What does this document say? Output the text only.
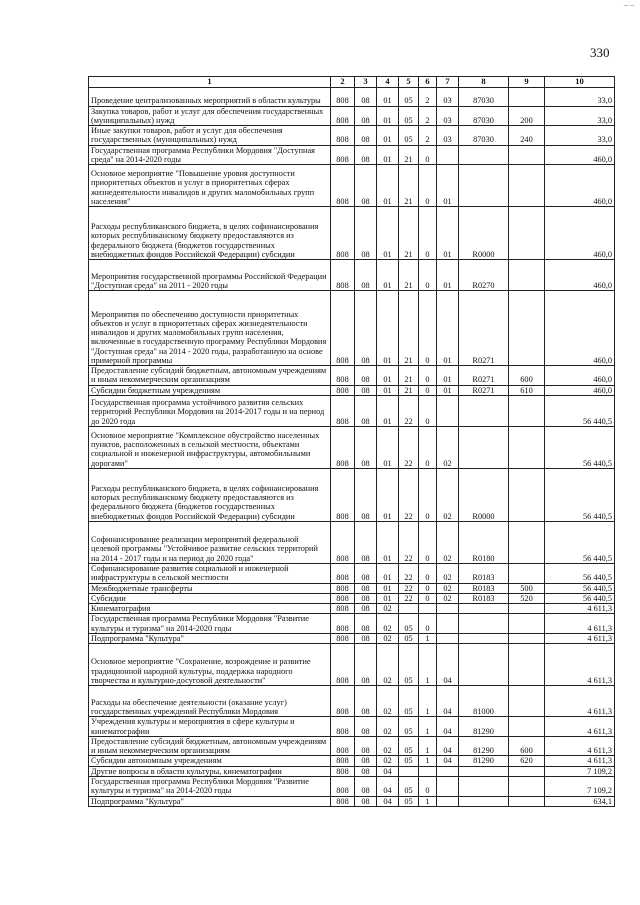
330
– –
1	2	3	4	5	6	7	8	9	10
Проведение централизованных мероприятий в области культуры	808	08	01	05	2	03	87030		33,0
Закупка товаров, работ и услуг для обеспечения государственных (муниципальных) нужд	808	08	01	05	2	03	87030	200	33,0
Иные закупки товаров, работ и услуг для обеспечения государственных (муниципальных) нужд	808	08	01	05	2	03	87030	240	33,0
Государственная программа Республики Мордовия "Доступная среда" на 2014-2020 годы	808	08	01	21	0				460,0
Основное мероприятие "Повышение уровня доступности приоритетных объектов и услуг в приоритетных сферах жизнедеятельности инвалидов и других маломобильных групп населения"	808	08	01	21	0	01			460,0
Расходы республиканского бюджета, в целях софинансирования которых республиканскому бюджету предоставляются из федерального бюджета (бюджетов государственных внебюджетных фондов Российской Федерации) субсидии	808	08	01	21	0	01	R0000		460,0
Мероприятия государственной программы Российской Федерации "Доступная среда" на 2011 - 2020 годы	808	08	01	21	0	01	R0270		460,0
Мероприятия по обеспечению доступности приоритетных объектов и услуг в приоритетных сферах жизнедеятельности инвалидов и других маломобильных групп населения, включенные в государственную программу Республики Мордовия "Доступная среда" на 2014 - 2020 годы, разработанную на основе примерной программы	808	08	01	21	0	01	R0271		460,0
Предоставление субсидий бюджетным, автономным учреждениям и иным некоммерческим организациям	808	08	01	21	0	01	R0271	600	460,0
Субсидии бюджетным учреждениям	808	08	01	21	0	01	R0271	610	460,0
Государственная программа устойчивого развития сельских территорий Республики Мордовия на 2014-2017 годы и на период до 2020 года	808	08	01	22	0				56 440,5
Основное мероприятие "Комплексное обустройство населенных пунктов, расположенных в сельской местности, объектами социальной и инженерной инфраструктуры, автомобильными дорогами"	808	08	01	22	0	02			56 440,5
Расходы республиканского бюджета, в целях софинансирования которых республиканскому бюджету предоставляются из федерального бюджета (бюджетов государственных внебюджетных фондов Российской Федерации) субсидии	808	08	01	22	0	02	R0000		56 440,5
Софинансирование реализации мероприятий федеральной целевой программы "Устойчивое развитие сельских территорий на 2014 - 2017 годы и на период до 2020 года"	808	08	01	22	0	02	R0180		56 440,5
Софинансирование развития социальной и инженерной инфраструктуры в сельской местности	808	08	01	22	0	02	R0183		56 440,5
Межбюджетные трансферты	808	08	01	22	0	02	R0183	500	56 440,5
Субсидии	808	08	01	22	0	02	R0183	520	56 440,5
Кинематография	808	08	02						4 611,3
Государственная программа Республики Мордовия "Развитие культуры и туризма" на 2014-2020 годы	808	08	02	05	0				4 611,3
Подпрограмма "Культура"	808	08	02	05	1				4 611,3
Основное мероприятие "Сохранение, возрождение и развитие традиционной народной культуры, поддержка народного творчества и культурно-досуговой деятельности"	808	08	02	05	1	04			4 611,3
Расходы на обеспечение деятельности (оказание услуг) государственных учреждений Республики Мордовия	808	08	02	05	1	04	81000		4 611,3
Учреждения культуры и мероприятия в сфере культуры и кинематографии	808	08	02	05	1	04	81290		4 611,3
Предоставление субсидий бюджетным, автономным учреждениям и иным некоммерческим организациям	808	08	02	05	1	04	81290	600	4 611,3
Субсидии автономным учреждениям	808	08	02	05	1	04	81290	620	4 611,3
Другие вопросы в области культуры, кинематографии	808	08	04						7 109,2
Государственная программа Республики Мордовия "Развитие культуры и туризма" на 2014-2020 годы	808	08	04	05	0				7 109,2
Подпрограмма "Культура"	808	08	04	05	1				634,1
